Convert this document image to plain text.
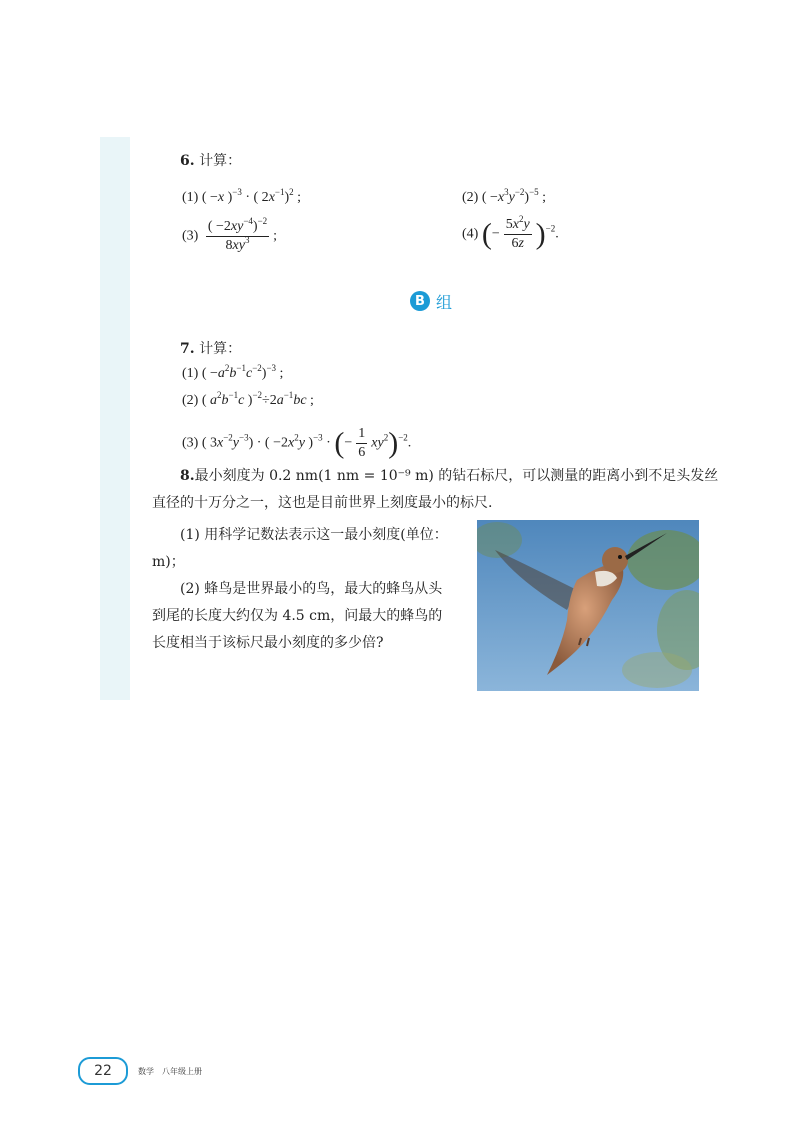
6. 计算：
(1) ( −x )$^{-3}$ · ( $2x^{-1})^2$ ;	(2) ( $-x^3y^{-2})^{-5}$ ;
$(3) \frac{( -2xy^{-4})^{-2}}{8xy^3}$ ;	(4) (− $\frac{5x^2y}{6z} )^{-2}$.
B 组
7. 计算：
(1) ( $-a^2b^{-1}c^{-2})^{-3}$ ;
(2) ( $a^2b^{-1}c$ )$^{-2}\div 2a^{-1}bc$ ;
(3) ( $3x^{-2}y^{-3}$) · ( $-2x^2y$ )$^{-3}$ · (− $\frac{1}{6} xy^2)^{-2}$.
8.最小刻度为 0.2 nm(1 nm = 10⁻⁹ m) 的钻石标尺，可以测量的距离小到不足头发丝直径的十万分之一，这也是目前世界上刻度最小的标尺.
(1) 用科学记数法表示这一最小刻度(单位：m)；
(2) 蜂鸟是世界最小的鸟，最大的蜂鸟从头到尾的长度大约仅为 4.5 cm，问最大的蜂鸟的长度相当于该标尺最小刻度的多少倍?
22	数学　八年级上册
